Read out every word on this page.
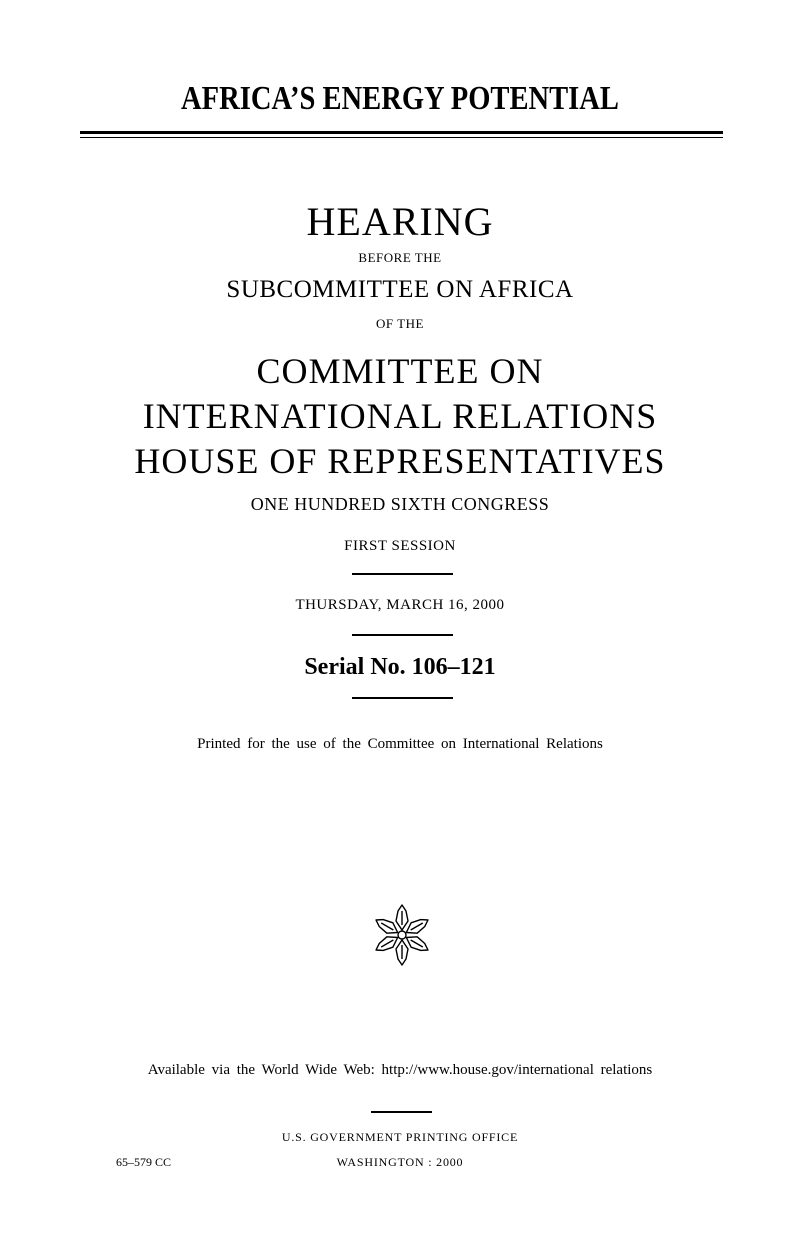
AFRICA’S ENERGY POTENTIAL
HEARING
BEFORE THE
SUBCOMMITTEE ON AFRICA
OF THE
COMMITTEE ON
INTERNATIONAL RELATIONS
HOUSE OF REPRESENTATIVES
ONE HUNDRED SIXTH CONGRESS
FIRST SESSION
THURSDAY, MARCH 16, 2000
Serial No. 106–121
Printed for the use of the Committee on International Relations
Available via the World Wide Web: http://www.house.gov/international relations
U.S. GOVERNMENT PRINTING OFFICE
65–579 CC	WASHINGTON : 2000
